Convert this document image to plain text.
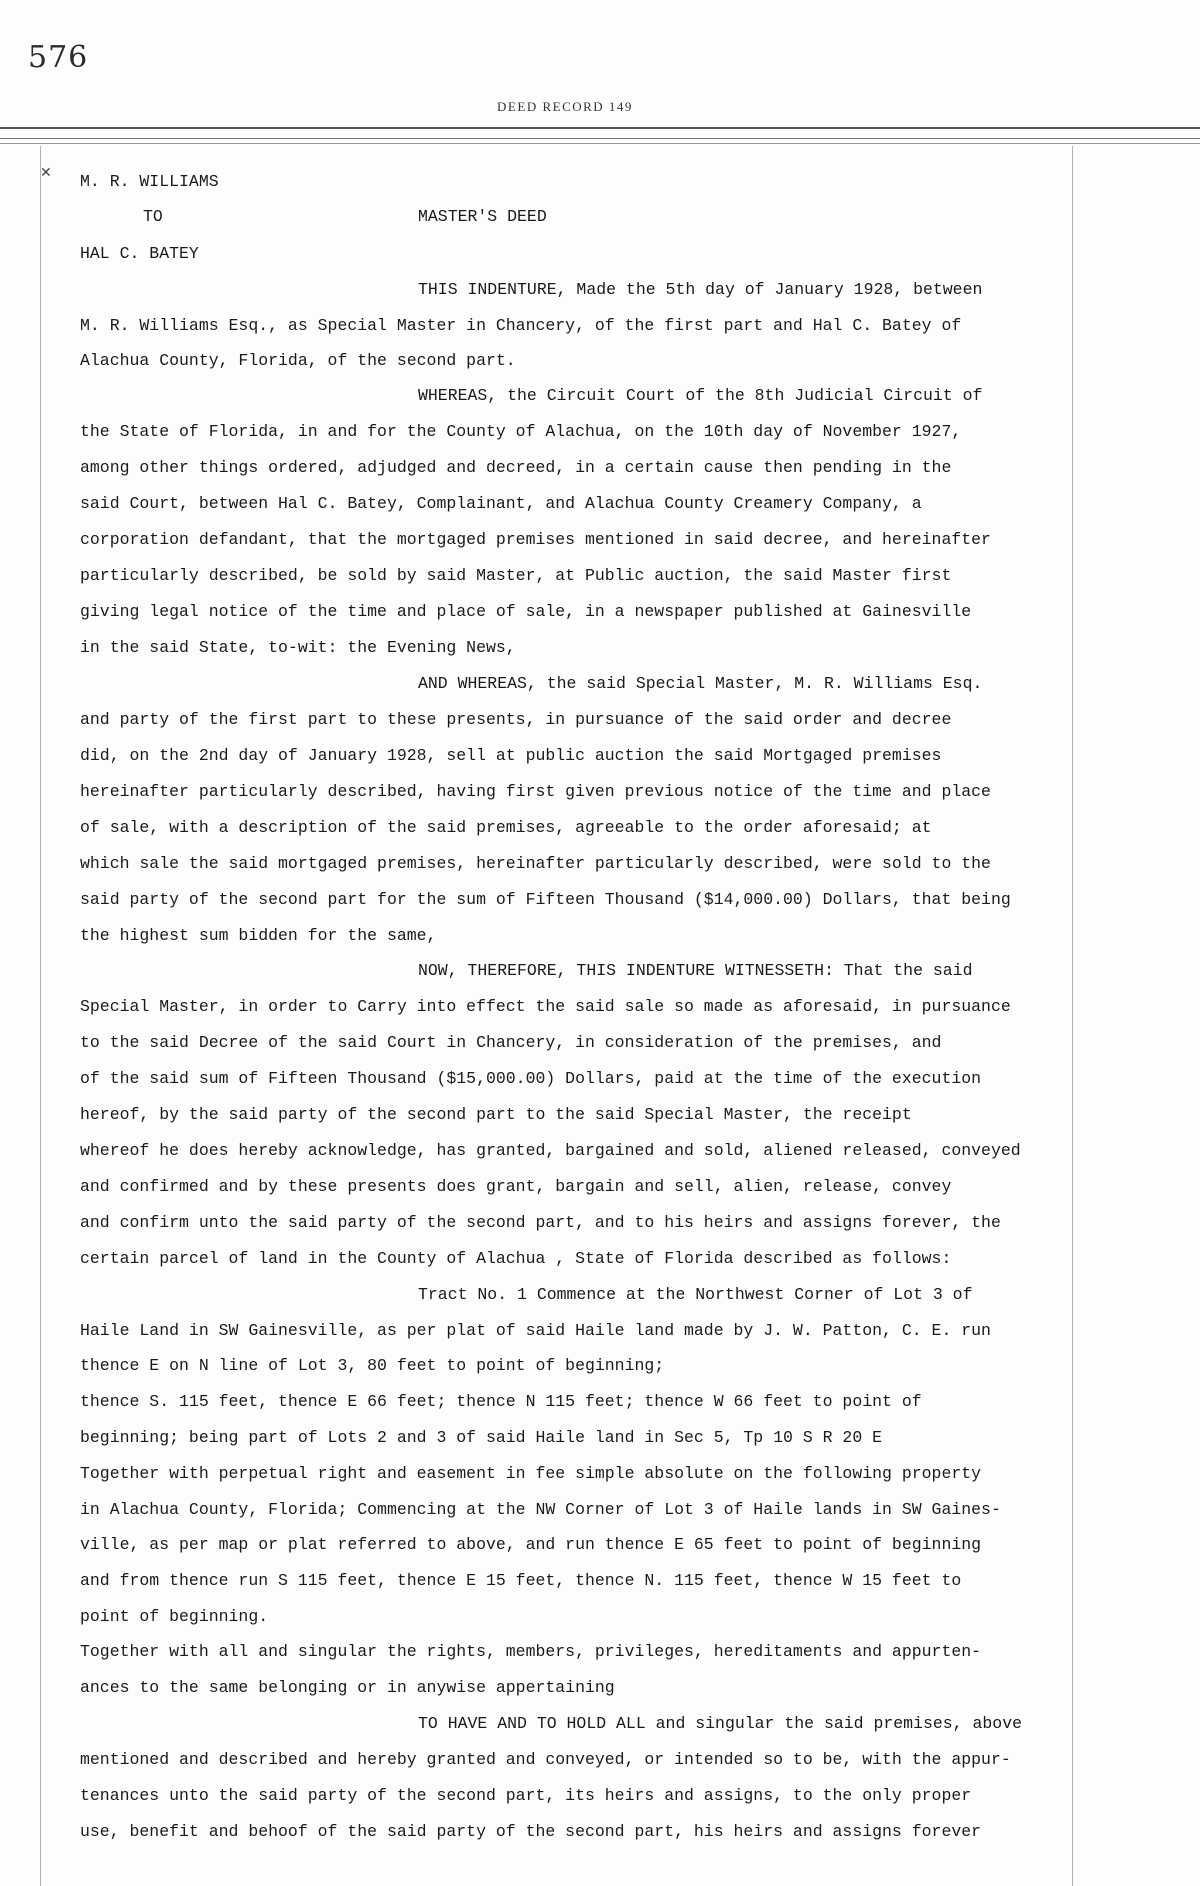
576
DEED RECORD 149
✕ M. R. WILLIAMS
TO	MASTER'S DEED
HAL C. BATEY
THIS INDENTURE, Made the 5th day of January 1928, between
M. R. Williams Esq., as Special Master in Chancery, of the first part and Hal C. Batey of
Alachua County, Florida, of the second part.
WHEREAS, the Circuit Court of the 8th Judicial Circuit of
the State of Florida, in and for the County of Alachua, on the 10th day of November 1927,
among other things ordered, adjudged and decreed, in a certain cause then pending in the
said Court, between Hal C. Batey, Complainant, and Alachua County Creamery Company, a
corporation defandant, that the mortgaged premises mentioned in said decree, and hereinafter
particularly described, be sold by said Master, at Public auction, the said Master first
giving legal notice of the time and place of sale, in a newspaper published at Gainesville
in the said State, to-wit: the Evening News,
AND WHEREAS, the said Special Master, M. R. Williams Esq.
and party of the first part to these presents, in pursuance of the said order and decree
did, on the 2nd day of January 1928, sell at public auction the said Mortgaged premises
hereinafter particularly described, having first given previous notice of the time and place
of sale, with a description of the said premises, agreeable to the order aforesaid; at
which sale the said mortgaged premises, hereinafter particularly described, were sold to the
said party of the second part for the sum of Fifteen Thousand ($14,000.00) Dollars, that being
the highest sum bidden for the same,
NOW, THEREFORE, THIS INDENTURE WITNESSETH: That the said
Special Master, in order to Carry into effect the said sale so made as aforesaid, in pursuance
to the said Decree of the said Court in Chancery, in consideration of the premises, and
of the said sum of Fifteen Thousand ($15,000.00) Dollars, paid at the time of the execution
hereof, by the said party of the second part to the said Special Master, the receipt
whereof he does hereby acknowledge, has granted, bargained and sold, aliened released, conveyed
and confirmed and by these presents does grant, bargain and sell, alien, release, convey
and confirm unto the said party of the second part, and to his heirs and assigns forever, the
certain parcel of land in the County of Alachua , State of Florida described as follows:
Tract No. 1 Commence at the Northwest Corner of Lot 3 of
Haile Land in SW Gainesville, as per plat of said Haile land made by J. W. Patton, C. E. run
thence E on N line of Lot 3, 80 feet to point of beginning;
thence S. 115 feet, thence E 66 feet; thence N 115 feet; thence W 66 feet to point of
beginning; being part of Lots 2 and 3 of said Haile land in Sec 5, Tp 10 S R 20 E
Together with perpetual right and easement in fee simple absolute on the following property
in Alachua County, Florida; Commencing at the NW Corner of Lot 3 of Haile lands in SW Gaines-
ville, as per map or plat referred to above, and run thence E 65 feet to point of beginning
and from thence run S 115 feet, thence E 15 feet, thence N. 115 feet, thence W 15 feet to
point of beginning.
Together with all and singular the rights, members, privileges, hereditaments and appurten-
ances to the same belonging or in anywise appertaining
TO HAVE AND TO HOLD ALL and singular the said premises, above
mentioned and described and hereby granted and conveyed, or intended so to be, with the appur-
tenances unto the said party of the second part, its heirs and assigns, to the only proper
use, benefit and behoof of the said party of the second part, his heirs and assigns forever
